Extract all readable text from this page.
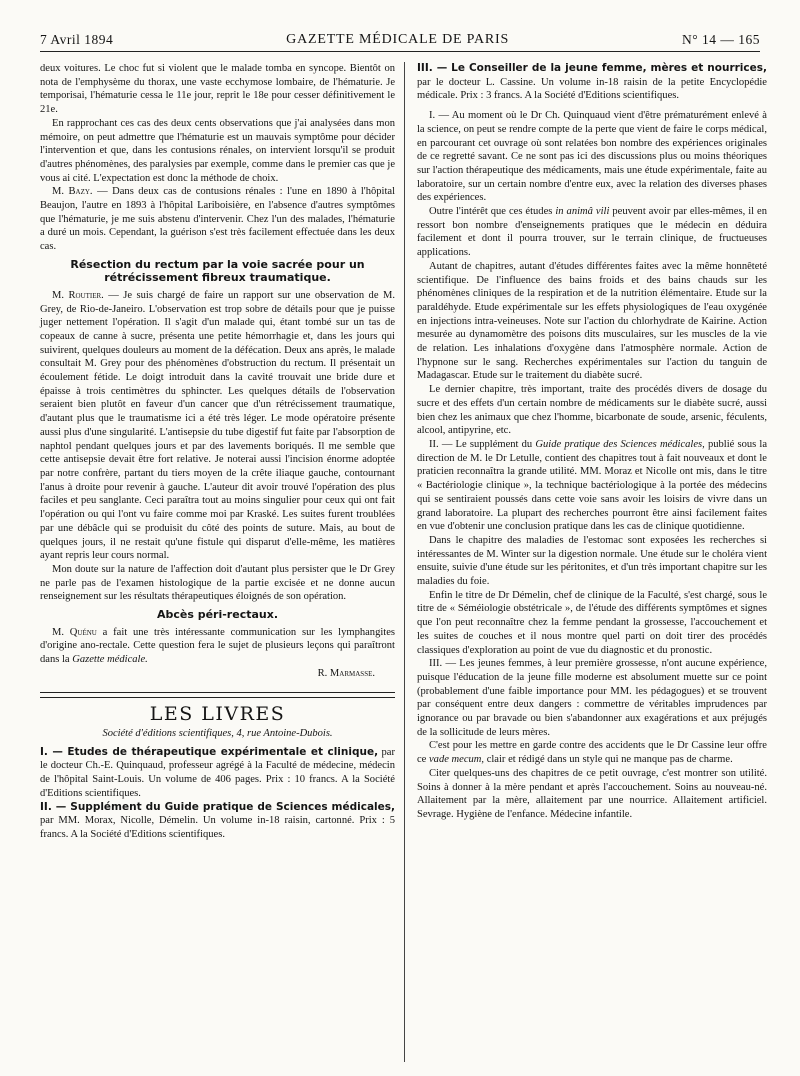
7 Avril 1894	GAZETTE MÉDICALE DE PARIS	N° 14 — 165

deux voitures. Le choc fut si violent que le malade tomba en syncope. Bientôt on nota de l'emphysème du thorax, une vaste ecchymose lombaire, de l'hématurie. Je temporisai, l'hématurie cessa le 11e jour, reprit le 18e pour cesser définitivement le 21e.

En rapprochant ces cas des deux cents observations que j'ai analysées dans mon mémoire, on peut admettre que l'hématurie est un mauvais symptôme pour décider l'intervention et que, dans les contusions rénales, on intervient lorsqu'il se produit d'autres phénomènes, des paralysies par exemple, comme dans le premier cas que je vous ai cité. L'expectation est donc la méthode de choix.

M. Bazy. — Dans deux cas de contusions rénales : l'une en 1890 à l'hôpital Beaujon, l'autre en 1893 à l'hôpital Lariboisière, en l'absence d'autres symptômes que l'hématurie, je me suis abstenu d'intervenir. Chez l'un des malades, l'hématurie a duré un mois. Cependant, la guérison s'est très facilement effectuée dans les deux cas.

Résection du rectum par la voie sacrée pour un rétrécissement fibreux traumatique.

M. Routier. — Je suis chargé de faire un rapport sur une observation de M. Grey, de Rio-de-Janeiro. L'observation est trop sobre de détails pour que je puisse juger nettement l'opération. Il s'agit d'un malade qui, étant tombé sur un tas de copeaux de canne à sucre, présenta une petite hémorrhagie et, dans les jours qui suivirent, quelques douleurs au moment de la défécation. Deux ans après, le malade consultait M. Grey pour des phénomènes d'obstruction du rectum. Il présentait un écoulement fétide. Le doigt introduit dans la cavité trouvait une bride dure et épaisse à trois centimètres du sphincter. Les quelques détails de l'observation seraient bien plutôt en faveur d'un cancer que d'un rétrécissement traumatique, d'autant plus que le traumatisme ici a été très léger. Le mode opératoire présente aussi plus d'une singularité. L'antisepsie du tube digestif fut faite par l'absorption de naphtol pendant quelques jours et par des lavements boriqués. Il me semble que cette antisepsie devait être fort relative. Je noterai aussi l'incision énorme adoptée par notre confrère, partant du tiers moyen de la crête iliaque gauche, contournant l'anus à droite pour revenir à gauche. L'auteur dit avoir trouvé l'opération des plus faciles et peu sanglante. Ceci paraîtra tout au moins singulier pour ceux qui ont fait l'opération ou qui l'ont vu faire comme moi par Kraské. Les suites furent troublées par une débâcle qui se produisit du côté des points de suture. Mais, au bout de quelques jours, il ne restait qu'une fistule qui disparut d'elle-même, les matières ayant repris leur cours normal.

Mon doute sur la nature de l'affection doit d'autant plus persister que le Dr Grey ne parle pas de l'examen histologique de la partie excisée et ne donne aucun renseignement sur les résultats thérapeutiques éloignés de son opération.

Abcès péri-rectaux.

M. Quénu a fait une très intéressante communication sur les lymphangites d'origine ano-rectale. Cette question fera le sujet de plusieurs leçons qui paraîtront dans la Gazette médicale.

R. Marmasse.
LES LIVRES
Société d'éditions scientifiques, 4, rue Antoine-Dubois.

I. — Etudes de thérapeutique expérimentale et clinique, par le docteur Ch.-E. Quinquaud, professeur agrégé à la Faculté de médecine, médecin de l'hôpital Saint-Louis. Un volume de 406 pages. Prix : 10 francs. A la Société d'Editions scientifiques.

II. — Supplément du Guide pratique de Sciences médicales, par MM. Morax, Nicolle, Démelin. Un volume in-18 raisin, cartonné. Prix : 5 francs. A la Société d'Editions scientifiques.

III. — Le Conseiller de la jeune femme, mères et nourrices, par le docteur L. Cassine. Un volume in-18 raisin de la petite Encyclopédie médicale. Prix : 3 francs. A la Société d'Editions scientifiques.

I. — Au moment où le Dr Ch. Quinquaud vient d'être prématurément enlevé à la science, on peut se rendre compte de la perte que vient de faire le corps médical, en parcourant cet ouvrage où sont relatées bon nombre des expériences originales de ce regretté savant. Ce ne sont pas ici des discussions plus ou moins théoriques sur l'action thérapeutique des médicaments, mais une étude expérimentale, faite au laboratoire, sur un certain nombre d'entre eux, avec la relation des diverses phases des expériences.

Outre l'intérêt que ces études in animâ vili peuvent avoir par elles-mêmes, il en ressort bon nombre d'enseignements pratiques que le médecin en déduira facilement et dont il pourra trouver, sur le terrain clinique, de fructueuses applications.

Autant de chapitres, autant d'études différentes faites avec la même honnêteté scientifique. De l'influence des bains froids et des bains chauds sur les phénomènes cliniques de la respiration et de la nutrition élémentaire. Etude sur la paraldéhyde. Etude expérimentale sur les effets physiologiques de l'eau oxygénée en injections intra-veineuses. Note sur l'action du chlorhydrate de Kairine. Action mesurée au dynamomètre des poisons dits musculaires, sur les muscles de la vie de relation. Les inhalations d'oxygène dans l'atmosphère normale. Action de l'hypnone sur le sang. Recherches expérimentales sur l'action du tanguin de Madagascar. Etude sur le traitement du diabète sucré.

Le dernier chapitre, très important, traite des procédés divers de dosage du sucre et des effets d'un certain nombre de médicaments sur le diabète sucré, aussi bien chez les animaux que chez l'homme, bicarbonate de soude, arsenic, féculents, alcool, antipyrine, etc.

II. — Le supplément du Guide pratique des Sciences médicales, publié sous la direction de M. le Dr Letulle, contient des chapitres tout à fait nouveaux et dont le praticien reconnaîtra la grande utilité. MM. Moraz et Nicolle ont mis, dans le titre « Bactériologie clinique », la technique bactériologique à la portée des médecins qui se sentiraient poussés dans cette voie sans avoir les loisirs de vivre dans un grand laboratoire. La plupart des recherches pourront être ainsi facilement faites en vue d'obtenir une conclusion pratique dans les cas de clinique quotidienne.

Dans le chapitre des maladies de l'estomac sont exposées les recherches si intéressantes de M. Winter sur la digestion normale. Une étude sur le choléra vient ensuite, suivie d'une étude sur les péritonites, et d'un très important chapitre sur les maladies du foie.

Enfin le titre de Dr Démelin, chef de clinique de la Faculté, s'est chargé, sous le titre de « Séméiologie obstétricale », de l'étude des différents symptômes et signes que l'on peut reconnaître chez la femme pendant la grossesse, l'accouchement et les suites de couches et il nous montre quel parti on doit tirer des procédés classiques d'exploration au point de vue du diagnostic et du pronostic.

III. — Les jeunes femmes, à leur première grossesse, n'ont aucune expérience, puisque l'éducation de la jeune fille moderne est absolument muette sur ce point (probablement d'une faible importance pour MM. les pédagogues) et se trouvent par conséquent entre deux dangers : commettre de véritables imprudences par ignorance ou par bravade ou bien s'abandonner aux exagérations et aux préjugés de la sollicitude de leurs mères.

C'est pour les mettre en garde contre des accidents que le Dr Cassine leur offre ce vade mecum, clair et rédigé dans un style qui ne manque pas de charme.

Citer quelques-uns des chapitres de ce petit ouvrage, c'est montrer son utilité. Soins à donner à la mère pendant et après l'accouchement. Soins au nouveau-né. Allaitement par la mère, allaitement par une nourrice. Allaitement artificiel. Sevrage. Hygiène de l'enfance. Médecine infantile.
